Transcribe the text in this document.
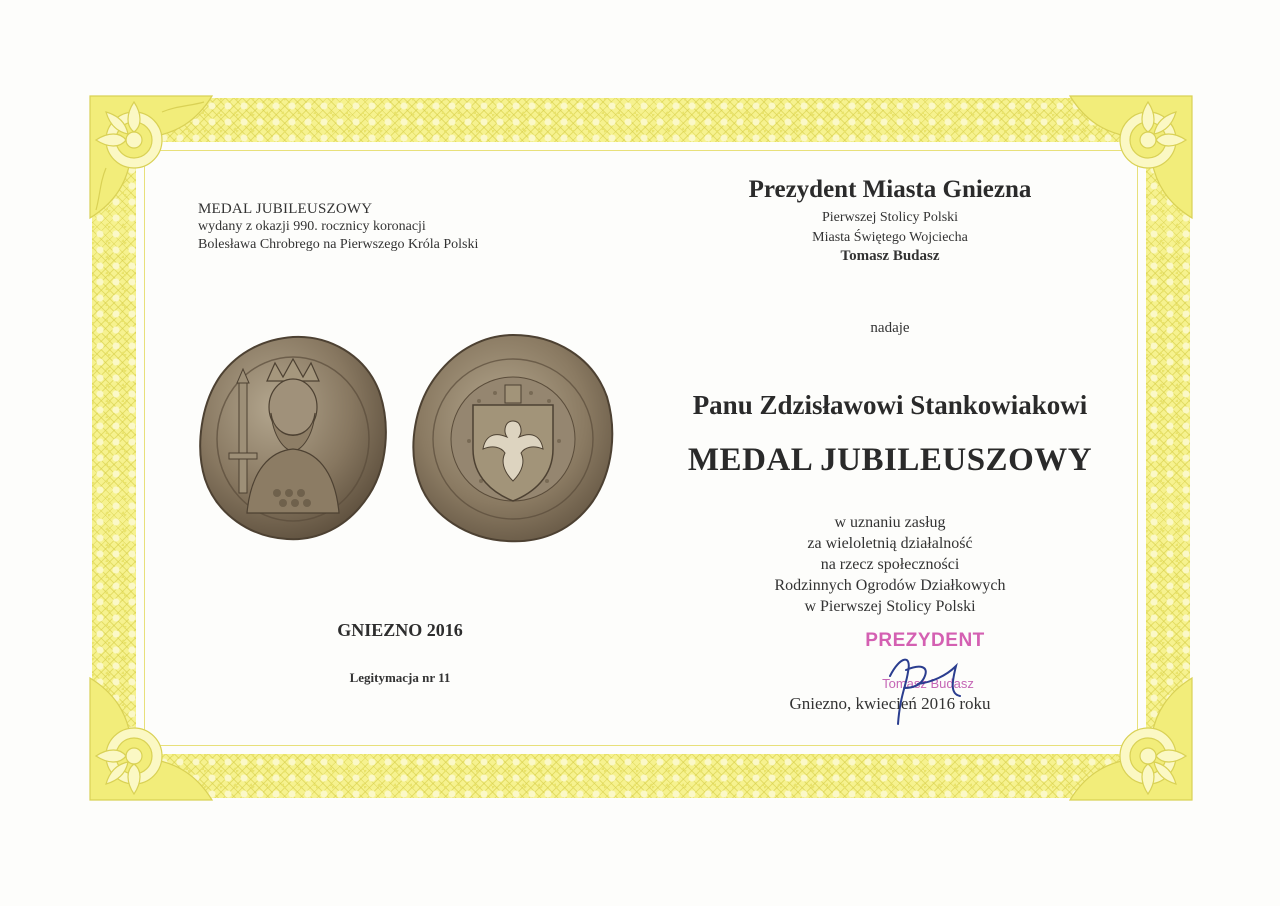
MEDAL JUBILEUSZOWY
wydany z okazji 990. rocznicy koronacji
Bolesława Chrobrego na Pierwszego Króla Polski
GNIEZNO 2016
Legitymacja nr 11
Prezydent Miasta Gniezna
Pierwszej Stolicy Polski
Miasta Świętego Wojciecha
Tomasz Budasz
nadaje
Panu Zdzisławowi Stankowiakowi
MEDAL JUBILEUSZOWY
w uznaniu zasług
za wieloletnią działalność
na rzecz społeczności
Rodzinnych Ogrodów Działkowych
w Pierwszej Stolicy Polski
PREZYDENT
Tomasz Budasz
Gniezno, kwiecień 2016 roku
